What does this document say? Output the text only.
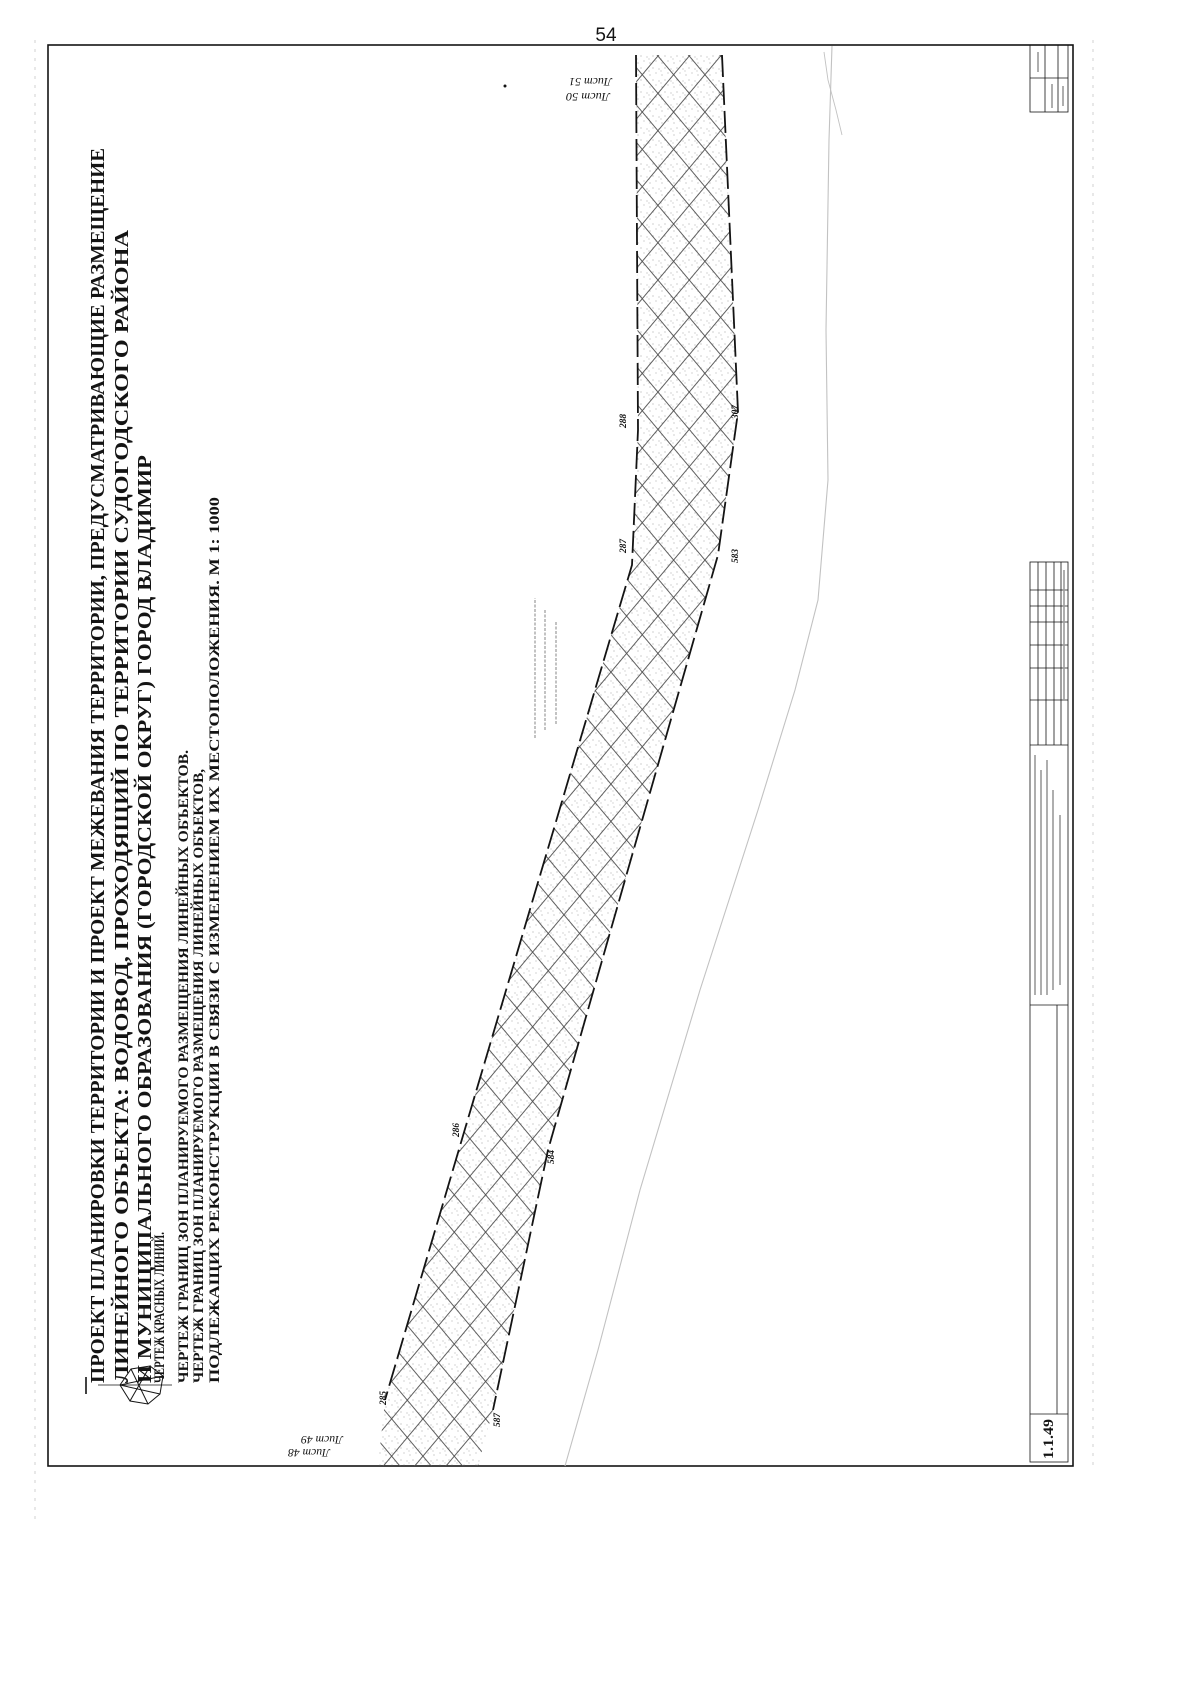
54
285
286
587
584
287
288
583
307
Лист 49
Лист 48
Лист 51
Лист 50
ПРОЕКТ ПЛАНИРОВКИ ТЕРРИТОРИИ И ПРОЕКТ МЕЖЕВАНИЯ ТЕРРИТОРИИ, ПРЕДУСМАТРИВАЮЩИЕ РАЗМЕЩЕНИЕ ЛИНЕЙНОГО ОБЪЕКТА: ВОДОВОД, ПРОХОДЯЩИЙ ПО ТЕРРИТОРИИ СУДОГОДСКОГО РАЙОНА И МУНИЦИПАЛЬНОГО ОБРАЗОВАНИЯ (ГОРОДСКОЙ ОКРУГ) ГОРОД ВЛАДИМИР
ЧЕРТЕЖ КРАСНЫХ ЛИНИЙ. ЧЕРТЕЖ ГРАНИЦ ЗОН ПЛАНИРУЕМОГО РАЗМЕЩЕНИЯ ЛИНЕЙНЫХ ОБЪЕКТОВ. ЧЕРТЕЖ ГРАНИЦ ЗОН ПЛАНИРУЕМОГО РАЗМЕЩЕНИЯ ЛИНЕЙНЫХ ОБЪЕКТОВ, ПОДЛЕЖАЩИХ РЕКОНСТРУКЦИИ В СВЯЗИ С ИЗМЕНЕНИЕМ ИХ МЕСТОПОЛОЖЕНИЯ. М 1: 1000
1.1.49
